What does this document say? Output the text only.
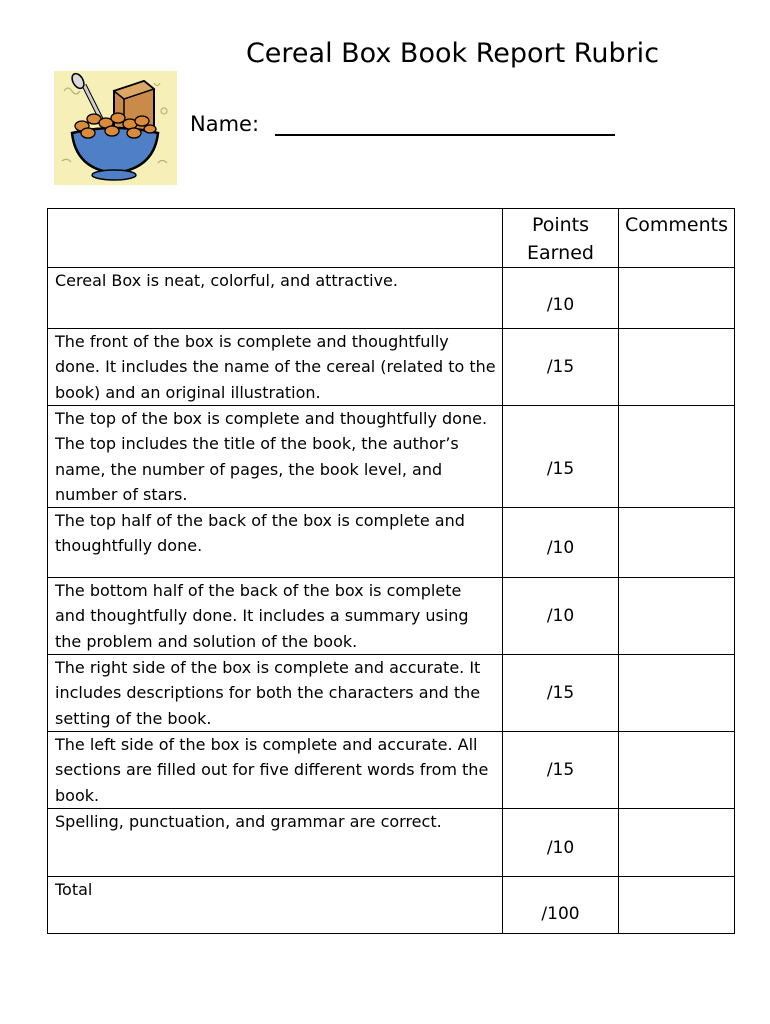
Cereal Box Book Report Rubric
Name:
	Points Earned	Comments
Cereal Box is neat, colorful, and attractive.	/10	
The front of the box is complete and thoughtfully done. It includes the name of the cereal (related to the book) and an original illustration.	/15	
The top of the box is complete and thoughtfully done. The top includes the title of the book, the author’s name, the number of pages, the book level, and number of stars.	/15	
The top half of the back of the box is complete and thoughtfully done.	/10	
The bottom half of the back of the box is complete and thoughtfully done. It includes a summary using the problem and solution of the book.	/10	
The right side of the box is complete and accurate. It includes descriptions for both the characters and the setting of the book.	/15	
The left side of the box is complete and accurate. All sections are filled out for five different words from the book.	/15	
Spelling, punctuation, and grammar are correct.	/10	
Total	/100	
